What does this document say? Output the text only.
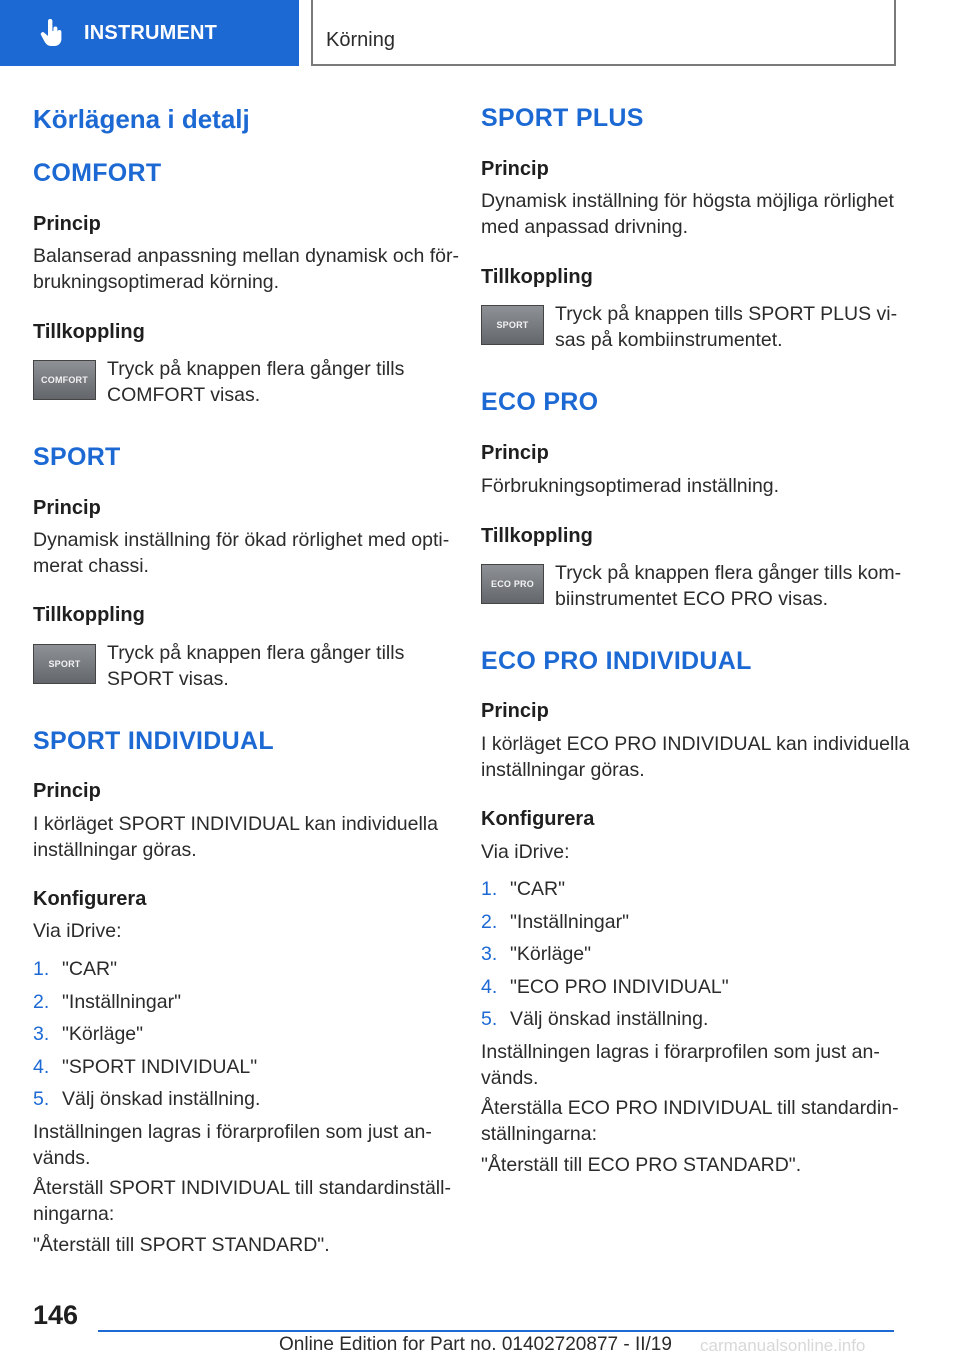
INSTRUMENT	Körning
Körlägena i detalj
COMFORT
Princip
Balanserad anpassning mellan dynamisk och för-
brukningsoptimerad körning.
Tillkoppling
COMFORT Tryck på knappen flera gånger tills
COMFORT visas.
SPORT
Princip
Dynamisk inställning för ökad rörlighet med opti-
merat chassi.
Tillkoppling
SPORT Tryck på knappen flera gånger tills
SPORT visas.
SPORT INDIVIDUAL
Princip
I körläget SPORT INDIVIDUAL kan individuella
inställningar göras.
Konfigurera
Via iDrive:
1. "CAR"
2. "Inställningar"
3. "Körläge"
4. "SPORT INDIVIDUAL"
5. Välj önskad inställning.
Inställningen lagras i förarprofilen som just an-
vänds.
Återställ SPORT INDIVIDUAL till standardinställ-
ningarna:
"Återställ till SPORT STANDARD".
SPORT PLUS
Princip
Dynamisk inställning för högsta möjliga rörlighet
med anpassad drivning.
Tillkoppling
SPORT Tryck på knappen tills SPORT PLUS vi-
sas på kombiinstrumentet.
ECO PRO
Princip
Förbrukningsoptimerad inställning.
Tillkoppling
ECO PRO Tryck på knappen flera gånger tills kom-
biinstrumentet ECO PRO visas.
ECO PRO INDIVIDUAL
Princip
I körläget ECO PRO INDIVIDUAL kan individuella
inställningar göras.
Konfigurera
Via iDrive:
1. "CAR"
2. "Inställningar"
3. "Körläge"
4. "ECO PRO INDIVIDUAL"
5. Välj önskad inställning.
Inställningen lagras i förarprofilen som just an-
vänds.
Återställa ECO PRO INDIVIDUAL till standardin-
ställningarna:
"Återställ till ECO PRO STANDARD".
146
carmanualsonline.info
Online Edition for Part no. 01402720877 - II/19
